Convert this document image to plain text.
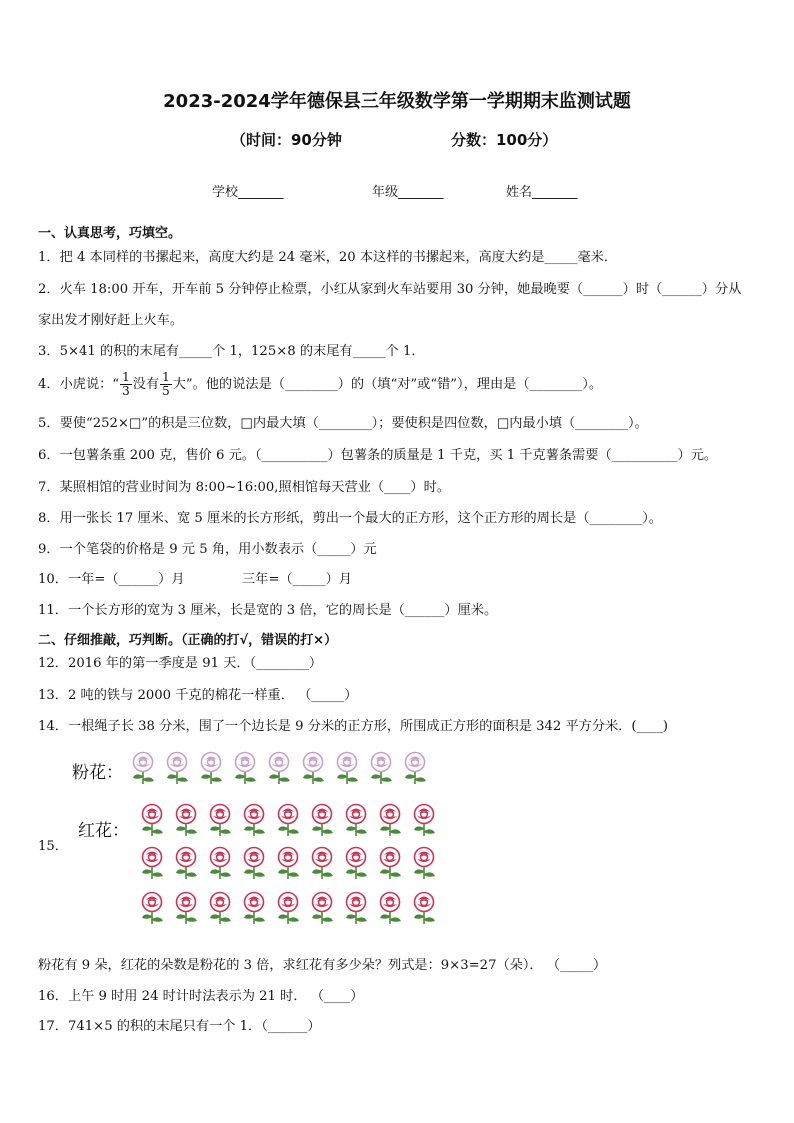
2023-2024学年德保县三年级数学第一学期期末监测试题
（时间：90分钟	分数：100分）
学校_______	年级_______	姓名_______
一、认真思考，巧填空。
1．把 4 本同样的书摞起来，高度大约是 24 毫米，20 本这样的书摞起来，高度大约是_____毫米．
2．火车 18:00 开车，开车前 5 分钟停止检票，小红从家到火车站要用 30 分钟，她最晚要（______）时（______）分从
家出发才刚好赶上火车。
3．5×41 的积的末尾有_____个 1，125×8 的末尾有_____个 1．
4．小虎说：“ $\frac{1}{3}$ 没有 $\frac{1}{5}$ 大”。他的说法是（________）的（填“对”或“错”），理由是（________）。
5．要使“252×□”的积是三位数，□内最大填（________）；要使积是四位数，□内最小填（________）。
6．一包薯条重 200 克，售价 6 元。（__________）包薯条的质量是 1 千克，买 1 千克薯条需要（__________）元。
7．某照相馆的营业时间为 8:00~16:00,照相馆每天营业（____）时。
8．用一张长 17 厘米、宽 5 厘米的长方形纸，剪出一个最大的正方形，这个正方形的周长是（________）。
9．一个笔袋的价格是 9 元 5 角，用小数表示（_____）元
10．一年=（______）月	三年=（_____）月
11．一个长方形的宽为 3 厘米，长是宽的 3 倍，它的周长是（______）厘米。
二、仔细推敲，巧判断。（正确的打√，错误的打×）
12．2016 年的第一季度是 91 天．（________）
13．2 吨的铁与 2000 千克的棉花一样重． （_____）
14．一根绳子长 38 分米，围了一个边长是 9 分米的正方形，所围成正方形的面积是 342 平方分米．(____)
粉花：
红花：
15．
粉花有 9 朵，红花的朵数是粉花的 3 倍，求红花有多少朵？列式是：9×3=27（朵）． （_____）
16．上午 9 时用 24 时计时法表示为 21 时． （____）
17．741×5 的积的末尾只有一个 1．（______）
